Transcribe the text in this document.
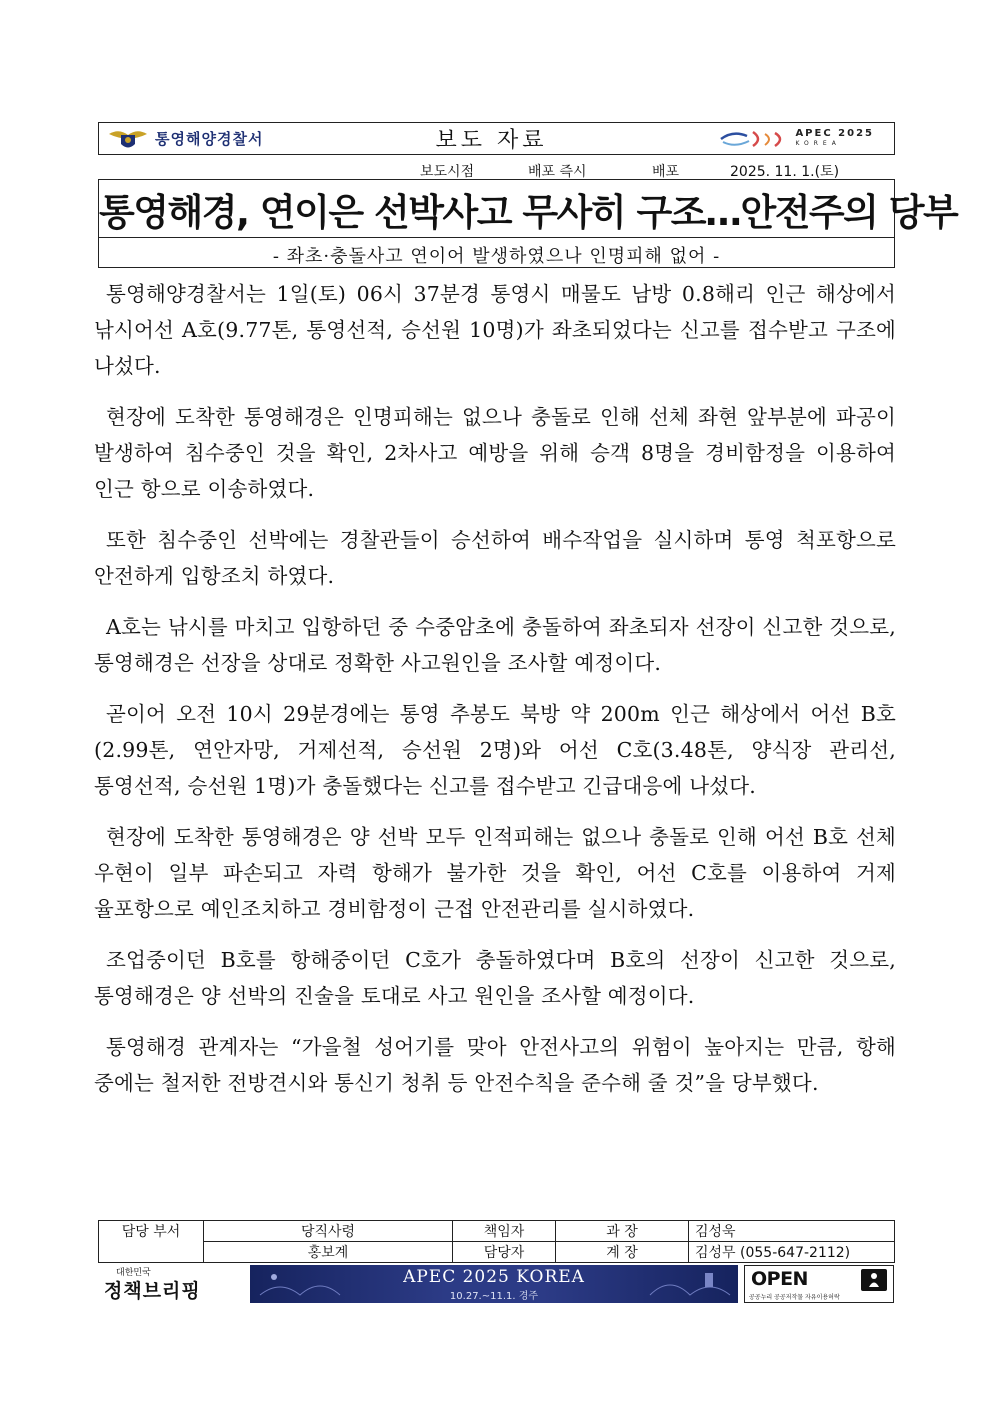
통영해양경찰서	보도 자료	APEC 2025
KOREA
보도시점	배포 즉시	배포	2025. 11. 1.(토)
통영해경, 연이은 선박사고 무사히 구조…안전주의 당부
- 좌초·충돌사고 연이어 발생하였으나 인명피해 없어 -

통영해양경찰서는 1일(토) 06시 37분경 통영시 매물도 남방 0.8해리 인근 해상에서 낚시어선 A호(9.77톤, 통영선적, 승선원 10명)가 좌초되었다는 신고를 접수받고 구조에 나섰다.

현장에 도착한 통영해경은 인명피해는 없으나 충돌로 인해 선체 좌현 앞부분에 파공이 발생하여 침수중인 것을 확인, 2차사고 예방을 위해 승객 8명을 경비함정을 이용하여 인근 항으로 이송하였다.

또한 침수중인 선박에는 경찰관들이 승선하여 배수작업을 실시하며 통영 척포항으로 안전하게 입항조치 하였다.

A호는 낚시를 마치고 입항하던 중 수중암초에 충돌하여 좌초되자 선장이 신고한 것으로, 통영해경은 선장을 상대로 정확한 사고원인을 조사할 예정이다.

곧이어 오전 10시 29분경에는 통영 추봉도 북방 약 200m 인근 해상에서 어선 B호(2.99톤, 연안자망, 거제선적, 승선원 2명)와 어선 C호(3.48톤, 양식장 관리선, 통영선적, 승선원 1명)가 충돌했다는 신고를 접수받고 긴급대응에 나섰다.

현장에 도착한 통영해경은 양 선박 모두 인적피해는 없으나 충돌로 인해 어선 B호 선체 우현이 일부 파손되고 자력 항해가 불가한 것을 확인, 어선 C호를 이용하여 거제 율포항으로 예인조치하고 경비함정이 근접 안전관리를 실시하였다.

조업중이던 B호를 항해중이던 C호가 충돌하였다며 B호의 선장이 신고한 것으로, 통영해경은 양 선박의 진술을 토대로 사고 원인을 조사할 예정이다.

통영해경 관계자는 “가을철 성어기를 맞아 안전사고의 위험이 높아지는 만큼, 항해 중에는 철저한 전방견시와 통신기 청취 등 안전수칙을 준수해 줄 것”을 당부했다.

담당 부서	당직사령	책임자	과 장	김성욱
	홍보계	담당자	계 장	김성무 (055-647-2112)
대한민국
정책브리핑
APEC 2025 KOREA
10.27.~11.1. 경주
OPEN
공공누리 공공저작물 자유이용허락
